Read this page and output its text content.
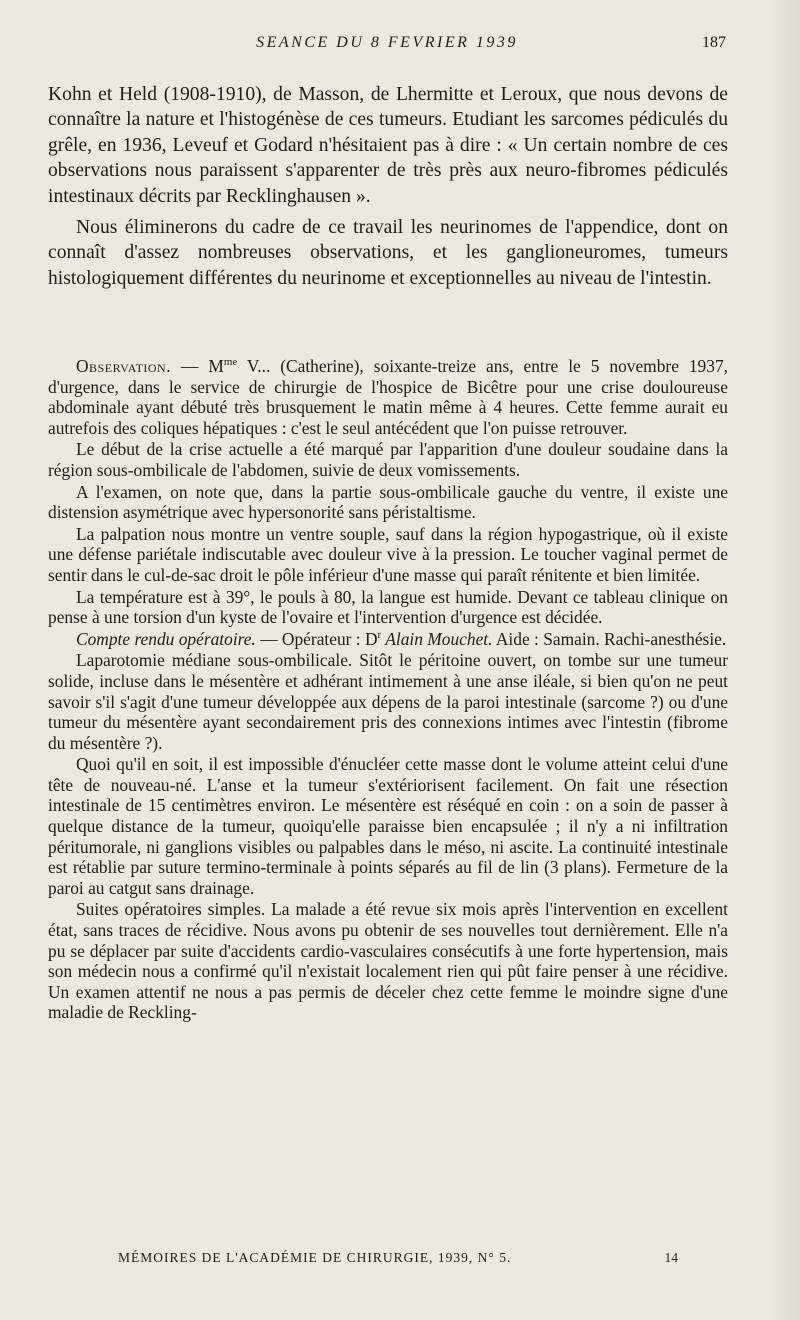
SEANCE DU 8 FEVRIER 1939	187

Kohn et Held (1908-1910), de Masson, de Lhermitte et Leroux, que nous devons de connaître la nature et l'histogénèse de ces tumeurs. Etudiant les sarcomes pédiculés du grêle, en 1936, Leveuf et Godard n'hésitaient pas à dire : « Un certain nombre de ces observations nous paraissent s'apparenter de très près aux neuro-fibromes pédiculés intestinaux décrits par Recklinghausen ».

Nous éliminerons du cadre de ce travail les neurinomes de l'appendice, dont on connaît d'assez nombreuses observations, et les ganglioneuromes, tumeurs histologiquement différentes du neurinome et exceptionnelles au niveau de l'intestin.

Observation. — $M^{me}$ V... (Catherine), soixante-treize ans, entre le 5 novembre 1937, d'urgence, dans le service de chirurgie de l'hospice de Bicêtre pour une crise douloureuse abdominale ayant débuté très brusquement le matin même à 4 heures. Cette femme aurait eu autrefois des coliques hépatiques : c'est le seul antécédent que l'on puisse retrouver.

Le début de la crise actuelle a été marqué par l'apparition d'une douleur soudaine dans la région sous-ombilicale de l'abdomen, suivie de deux vomissements.

A l'examen, on note que, dans la partie sous-ombilicale gauche du ventre, il existe une distension asymétrique avec hypersonorité sans péristaltisme.

La palpation nous montre un ventre souple, sauf dans la région hypogastrique, où il existe une défense pariétale indiscutable avec douleur vive à la pression. Le toucher vaginal permet de sentir dans le cul-de-sac droit le pôle inférieur d'une masse qui paraît rénitente et bien limitée.

La température est à 39°, le pouls à 80, la langue est humide. Devant ce tableau clinique on pense à une torsion d'un kyste de l'ovaire et l'intervention d'urgence est décidée.

Compte rendu opératoire. — Opérateur : $D^r$ Alain Mouchet. Aide : Samain. Rachi-anesthésie.

Laparotomie médiane sous-ombilicale. Sitôt le péritoine ouvert, on tombe sur une tumeur solide, incluse dans le mésentère et adhérant intimement à une anse iléale, si bien qu'on ne peut savoir s'il s'agit d'une tumeur développée aux dépens de la paroi intestinale (sarcome ?) ou d'une tumeur du mésentère ayant secondairement pris des connexions intimes avec l'intestin (fibrome du mésentère ?).

Quoi qu'il en soit, il est impossible d'énucléer cette masse dont le volume atteint celui d'une tête de nouveau-né. L'anse et la tumeur s'extériorisent facilement. On fait une résection intestinale de 15 centimètres environ. Le mésentère est réséqué en coin : on a soin de passer à quelque distance de la tumeur, quoiqu'elle paraisse bien encapsulée ; il n'y a ni infiltration péritumorale, ni ganglions visibles ou palpables dans le méso, ni ascite. La continuité intestinale est rétablie par suture termino-terminale à points séparés au fil de lin (3 plans). Fermeture de la paroi au catgut sans drainage.

Suites opératoires simples. La malade a été revue six mois après l'intervention en excellent état, sans traces de récidive. Nous avons pu obtenir de ses nouvelles tout dernièrement. Elle n'a pu se déplacer par suite d'accidents cardio-vasculaires consécutifs à une forte hypertension, mais son médecin nous a confirmé qu'il n'existait localement rien qui pût faire penser à une récidive. Un examen attentif ne nous a pas permis de déceler chez cette femme le moindre signe d'une maladie de Reckling-

MÉMOIRES DE L'ACADÉMIE DE CHIRURGIE, 1939, N° 5.	14
